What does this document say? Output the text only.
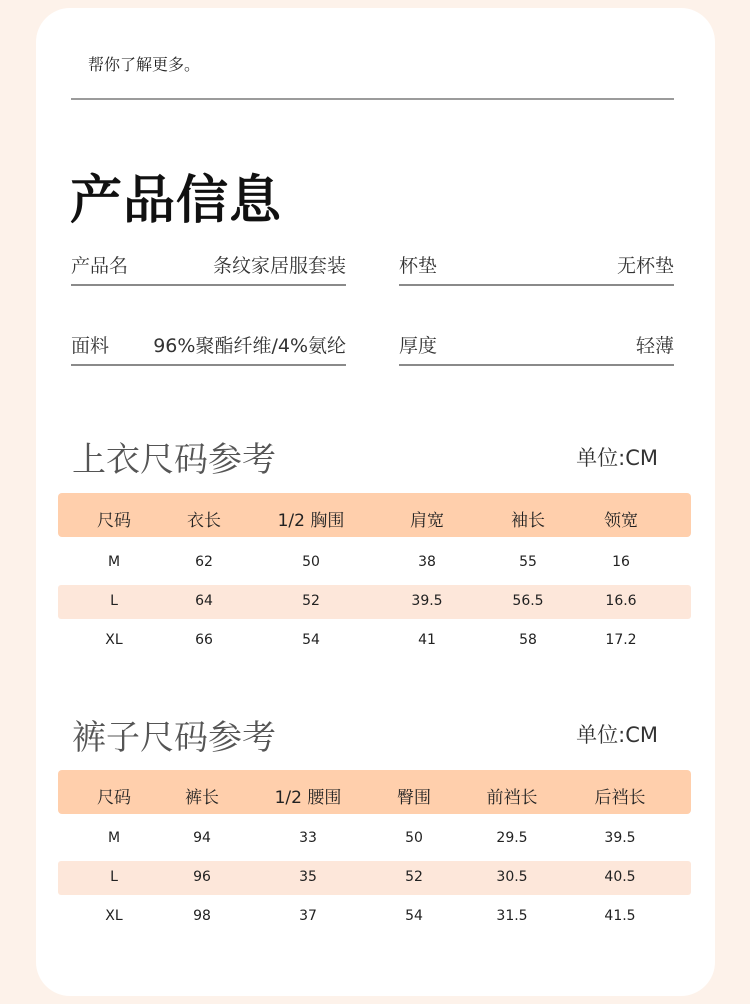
帮你了解更多。
产品信息
产品名	条纹家居服套装	杯垫	无杯垫
面料 96%聚酯纤维/4%氨纶	厚度	轻薄
上衣尺码参考	单位:CM
尺码	衣长	1/2 胸围	肩宽	袖长	领宽
M	62	50	38	55	16
L	64	52	39.5	56.5	16.6
XL	66	54	41	58	17.2
裤子尺码参考	单位:CM
尺码	裤长	1/2 腰围	臀围	前裆长	后裆长
M	94	33	50	29.5	39.5
L	96	35	52	30.5	40.5
XL	98	37	54	31.5	41.5
